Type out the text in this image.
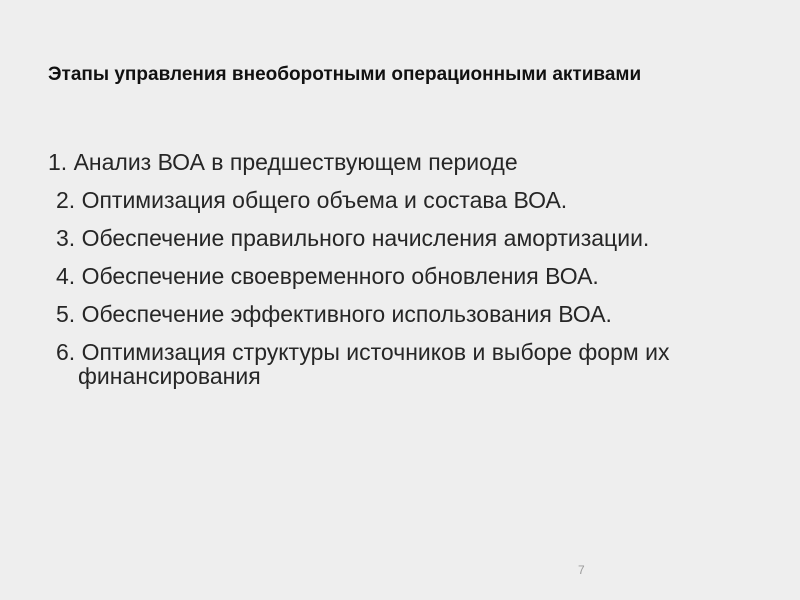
Этапы управления внеоборотными операционными активами
1. Анализ ВОА в предшествующем периоде
2. Оптимизация общего объема и состава ВОА.
3. Обеспечение правильного начисления амортизации.
4. Обеспечение своевременного обновления ВОА.
5. Обеспечение эффективного использования ВОА.
6. Оптимизация структуры источников и выборе форм их финансирования
7
